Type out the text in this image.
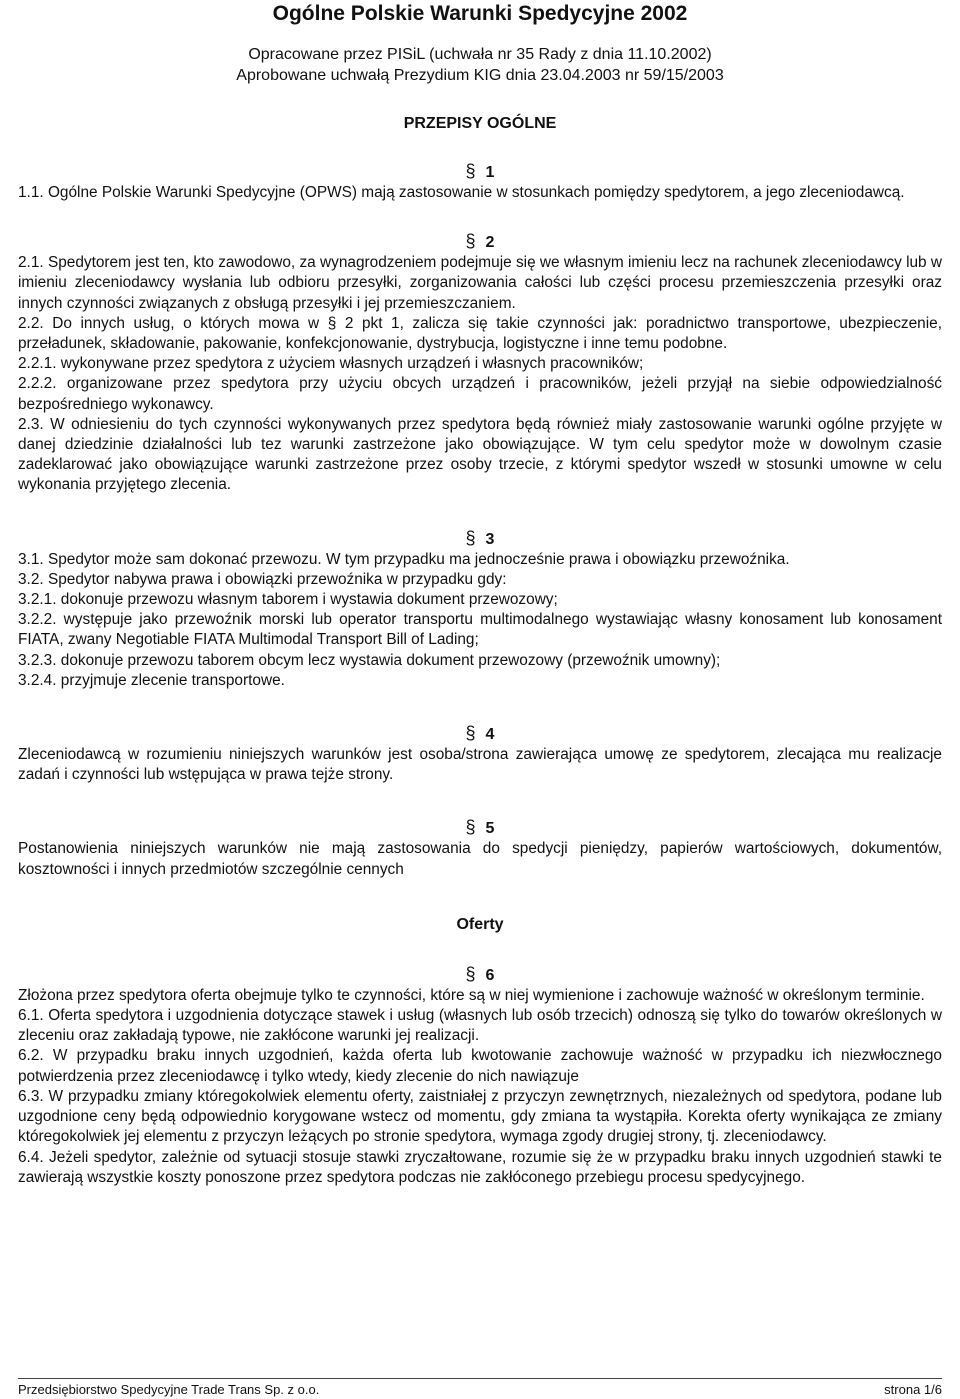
Ogólne Polskie Warunki Spedycyjne 2002
Opracowane przez PISiL (uchwała nr 35 Rady z dnia 11.10.2002)
Aprobowane uchwałą Prezydium KIG dnia 23.04.2003 nr 59/15/2003
PRZEPISY OGÓLNE
§ 1

1.1. Ogólne Polskie Warunki Spedycyjne (OPWS) mają zastosowanie w stosunkach pomiędzy spedytorem, a jego zleceniodawcą.

§ 2

2.1. Spedytorem jest ten, kto zawodowo, za wynagrodzeniem podejmuje się we własnym imieniu lecz na rachunek zleceniodawcy lub w imieniu zleceniodawcy wysłania lub odbioru przesyłki, zorganizowania całości lub części procesu przemieszczenia przesyłki oraz innych czynności związanych z obsługą przesyłki i jej przemieszczaniem.

2.2. Do innych usług, o których mowa w § 2 pkt 1, zalicza się takie czynności jak: poradnictwo transportowe, ubezpieczenie, przeładunek, składowanie, pakowanie, konfekcjonowanie, dystrybucja, logistyczne i inne temu podobne.

2.2.1. wykonywane przez spedytora z użyciem własnych urządzeń i własnych pracowników;

2.2.2. organizowane przez spedytora przy użyciu obcych urządzeń i pracowników, jeżeli przyjął na siebie odpowiedzialność bezpośredniego wykonawcy.

2.3. W odniesieniu do tych czynności wykonywanych przez spedytora będą również miały zastosowanie warunki ogólne przyjęte w danej dziedzinie działalności lub tez warunki zastrzeżone jako obowiązujące. W tym celu spedytor może w dowolnym czasie zadeklarować jako obowiązujące warunki zastrzeżone przez osoby trzecie, z którymi spedytor wszedł w stosunki umowne w celu wykonania przyjętego zlecenia.

§ 3

3.1. Spedytor może sam dokonać przewozu. W tym przypadku ma jednocześnie prawa i obowiązku przewoźnika.

3.2. Spedytor nabywa prawa i obowiązki przewoźnika w przypadku gdy:

3.2.1. dokonuje przewozu własnym taborem i wystawia dokument przewozowy;

3.2.2. występuje jako przewoźnik morski lub operator transportu multimodalnego wystawiając własny konosament lub konosament FIATA, zwany Negotiable FIATA Multimodal Transport Bill of Lading;

3.2.3. dokonuje przewozu taborem obcym lecz wystawia dokument przewozowy (przewoźnik umowny);

3.2.4. przyjmuje zlecenie transportowe.

§ 4

Zleceniodawcą w rozumieniu niniejszych warunków jest osoba/strona zawierająca umowę ze spedytorem, zlecająca mu realizacje zadań i czynności lub wstępująca w prawa tejże strony.

§ 5

Postanowienia niniejszych warunków nie mają zastosowania do spedycji pieniędzy, papierów wartościowych, dokumentów, kosztowności i innych przedmiotów szczególnie cennych

Oferty
§ 6

Złożona przez spedytora oferta obejmuje tylko te czynności, które są w niej wymienione i zachowuje ważność w określonym terminie.

6.1. Oferta spedytora i uzgodnienia dotyczące stawek i usług (własnych lub osób trzecich) odnoszą się tylko do towarów określonych w zleceniu oraz zakładają typowe, nie zakłócone warunki jej realizacji.

6.2. W przypadku braku innych uzgodnień, każda oferta lub kwotowanie zachowuje ważność w przypadku ich niezwłocznego potwierdzenia przez zleceniodawcę i tylko wtedy, kiedy zlecenie do nich nawiązuje

6.3. W przypadku zmiany któregokolwiek elementu oferty, zaistniałej z przyczyn zewnętrznych, niezależnych od spedytora, podane lub uzgodnione ceny będą odpowiednio korygowane wstecz od momentu, gdy zmiana ta wystąpiła. Korekta oferty wynikająca ze zmiany któregokolwiek jej elementu z przyczyn leżących po stronie spedytora, wymaga zgody drugiej strony, tj. zleceniodawcy.

6.4. Jeżeli spedytor, zależnie od sytuacji stosuje stawki zryczałtowane, rozumie się że w przypadku braku innych uzgodnień stawki te zawierają wszystkie koszty ponoszone przez spedytora podczas nie zakłóconego przebiegu procesu spedycyjnego.

Przedsiębiorstwo Spedycyjne Trade Trans Sp. z o.o.	strona 1/6
